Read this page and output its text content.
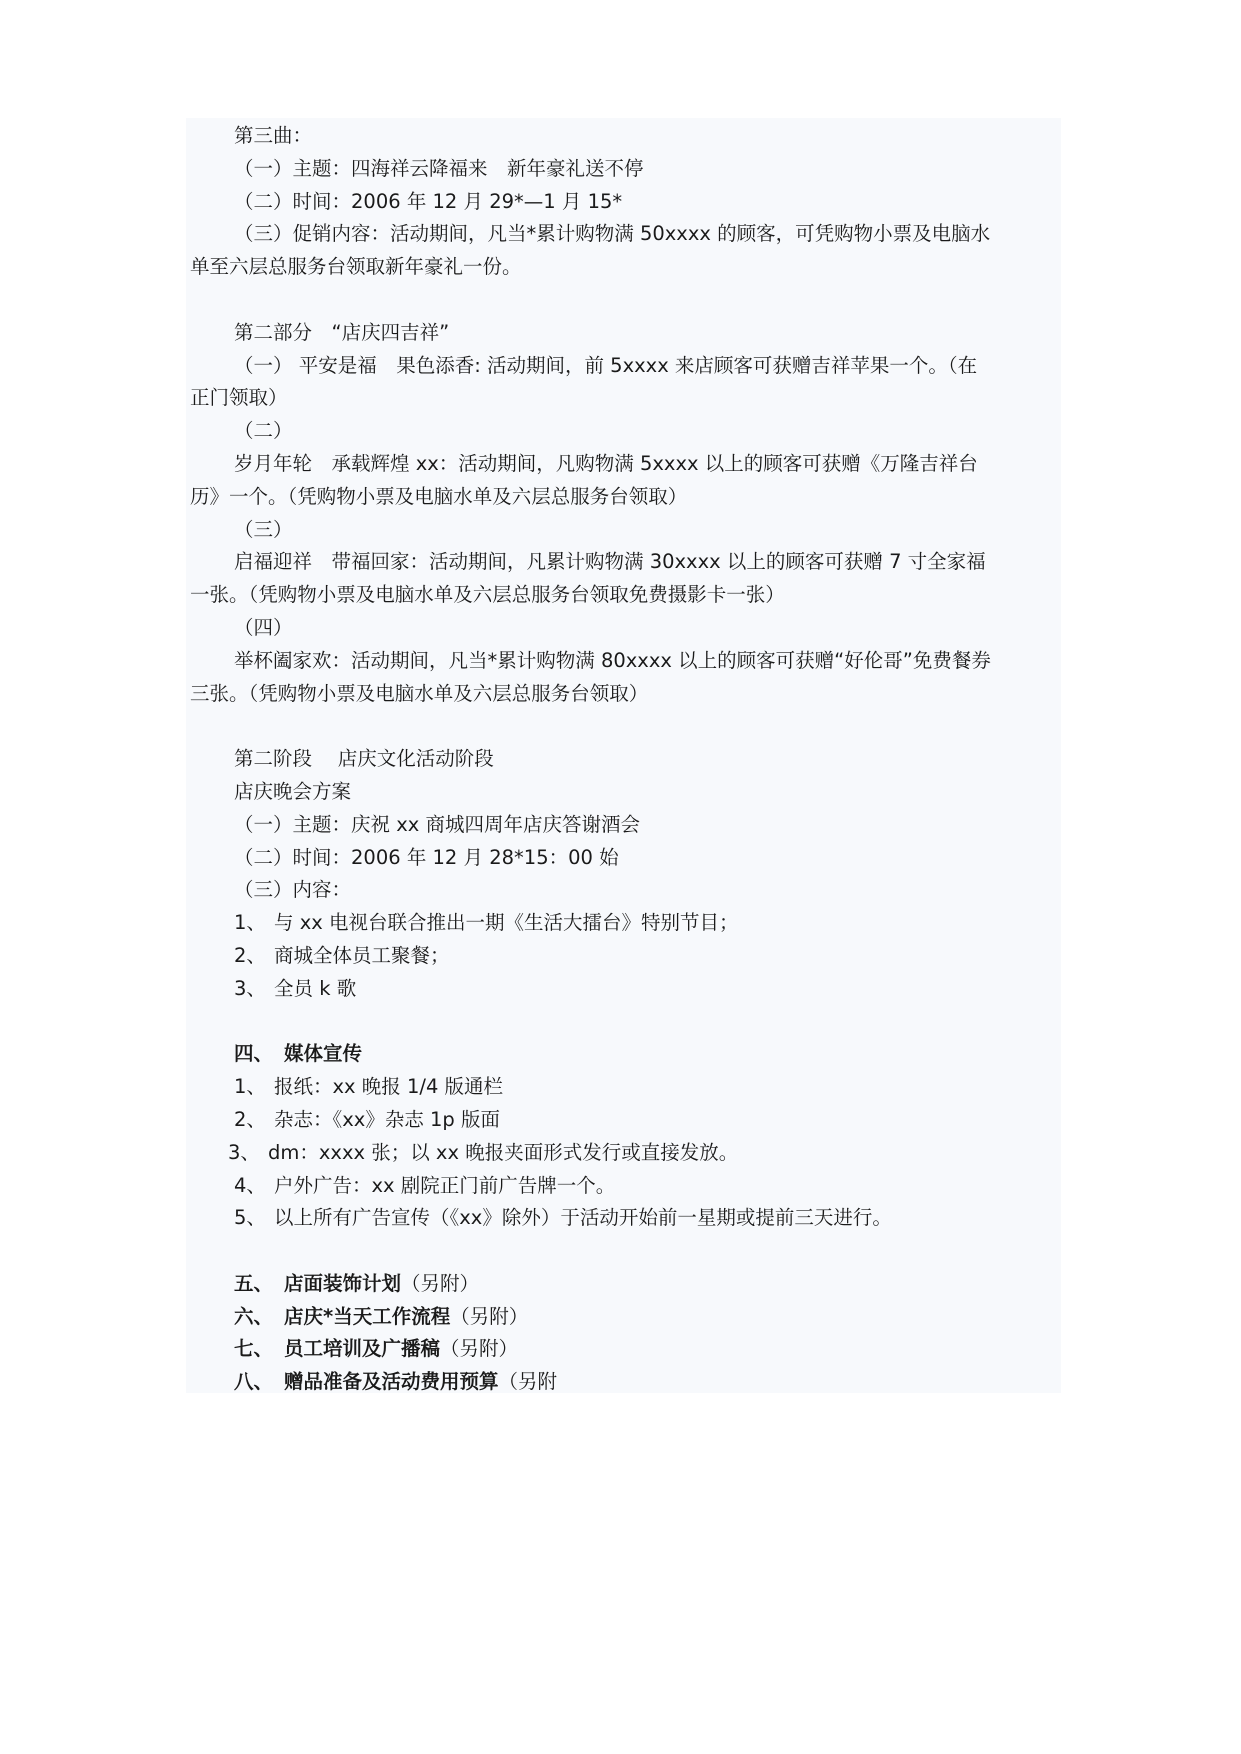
第三曲：
（一）主题：四海祥云降福来　新年豪礼送不停
（二）时间：2006 年 12 月 29*—1 月 15*
（三）促销内容：活动期间，凡当*累计购物满 50xxxx 的顾客，可凭购物小票及电脑水
单至六层总服务台领取新年豪礼一份。
第二部分　“店庆四吉祥”
（一） 平安是福　果色添香: 活动期间，前 5xxxx 来店顾客可获赠吉祥苹果一个。（在
正门领取）
（二）
岁月年轮　承载辉煌 xx：活动期间，凡购物满 5xxxx 以上的顾客可获赠《万隆吉祥台
历》一个。（凭购物小票及电脑水单及六层总服务台领取）
（三）
启福迎祥　带福回家：活动期间，凡累计购物满 30xxxx 以上的顾客可获赠 7 寸全家福
一张。（凭购物小票及电脑水单及六层总服务台领取免费摄影卡一张）
（四）
举杯阖家欢：活动期间，凡当*累计购物满 80xxxx 以上的顾客可获赠“好伦哥”免费餐券
三张。（凭购物小票及电脑水单及六层总服务台领取）
第二阶段　 店庆文化活动阶段
店庆晚会方案
（一）主题：庆祝 xx 商城四周年店庆答谢酒会
（二）时间：2006 年 12 月 28*15：00 始
（三）内容：
1、 与 xx 电视台联合推出一期《生活大擂台》特别节目；
2、 商城全体员工聚餐；
3、 全员 k 歌
四、 媒体宣传
1、 报纸：xx 晚报 1/4 版通栏
2、 杂志：《xx》杂志 1p 版面
3、 dm：xxxx 张；以 xx 晚报夹面形式发行或直接发放。
4、 户外广告：xx 剧院正门前广告牌一个。
5、 以上所有广告宣传（《xx》除外）于活动开始前一星期或提前三天进行。
五、 店面装饰计划（另附）
六、 店庆*当天工作流程（另附）
七、 员工培训及广播稿（另附）
八、 赠品准备及活动费用预算（另附
